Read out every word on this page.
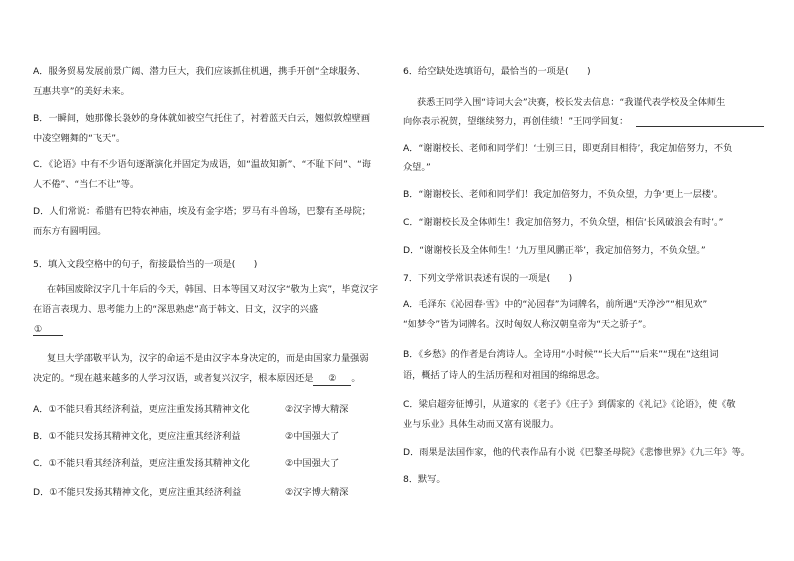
A．服务贸易发展前景广阔、潜力巨大，我们应该抓住机遇，携手开创“全球服务、
互惠共享”的美好未来。
B．一瞬间，她那像长袅妙的身体就如被空气托住了，衬着蓝天白云，翘似敦煌壁画
中凌空翱舞的“飞天”。
C．《论语》中有不少语句逐渐演化并固定为成语，如“温故知新”、“不耻下问”、“诲
人不倦”、“当仁不让”等。
D．人们常说：希腊有巴特农神庙，埃及有金字塔；罗马有斗兽场，巴黎有圣母院；
而东方有圆明园。
5．填入文段空格中的句子，衔接最恰当的一项是(　　)
在韩国废除汉字几十年后的今天，韩国、日本等国又对汉字“敬为上宾”，毕竟汉字
在语言表现力、思考能力上的“深思熟虑”高于韩文、日文，汉字的兴盛
①
复旦大学邵敬平认为，汉字的命运不是由汉字本身决定的，而是由国家力量强弱
决定的。“现在越来越多的人学习汉语，或者复兴汉字，根本原因还是 ② 。
A．①不能只看其经济利益，更应注重发扬其精神文化	②汉字博大精深
B．①不能只发扬其精神文化，更应注重其经济利益	②中国强大了
C．①不能只看其经济利益，更应注重发扬其精神文化	②中国强大了
D．①不能只发扬其精神文化，更应注重其经济利益	②汉字博大精深
6．给空缺处选填语句，最恰当的一项是(　　)
获悉王同学入围“诗词大会”决赛，校长发去信息：“我谨代表学校及全体师生
向你表示祝贺，望继续努力，再创佳绩！”王同学回复：
A．“谢谢校长、老师和同学们！‘士别三日，即更刮目相待’，我定加倍努力，不负
众望。”
B．“谢谢校长、老师和同学们！我定加倍努力，不负众望，力争‘更上一层楼’。
C．“谢谢校长及全体师生！我定加倍努力，不负众望，相信‘长风破浪会有时’。”
D．“谢谢校长及全体师生！‘九万里风鹏正举’，我定加倍努力，不负众望。”
7．下列文学常识表述有误的一项是(　　)
A．毛泽东《沁园春·雪》中的“沁园春”为词牌名，前所遇“天净沙”“相见欢”
“如梦令”皆为词牌名。汉时匈奴人称汉朝皇帝为“天之骄子”。
B．《乡愁》的作者是台湾诗人。全诗用“小时候”“长大后”“后来”“现在”这组词
语，概括了诗人的生活历程和对祖国的绵绵思念。
C．梁启超旁征博引，从道家的《老子》《庄子》到儒家的《礼记》《论语》，使《敬
业与乐业》具体生动而又富有说服力。
D．雨果是法国作家，他的代表作品有小说《巴黎圣母院》《悲惨世界》《九三年》等。
8．默写。
